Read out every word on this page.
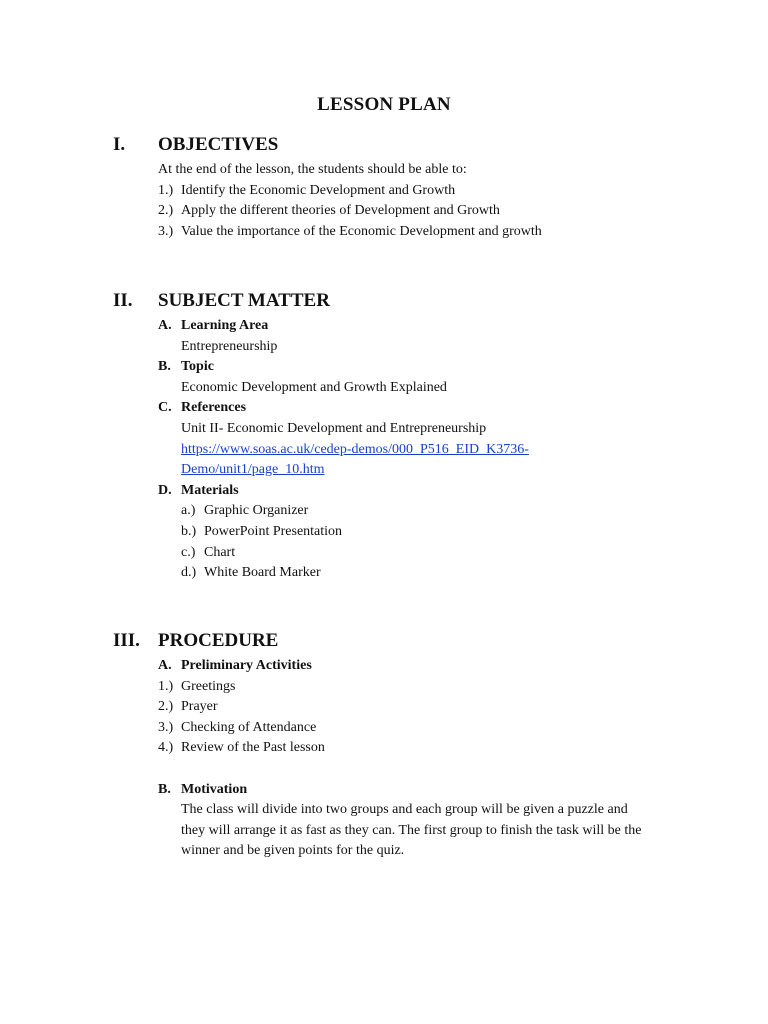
LESSON PLAN
I. OBJECTIVES
At the end of the lesson, the students should be able to:
1.) Identify the Economic Development and Growth
2.) Apply the different theories of Development and Growth
3.) Value the importance of the Economic Development and growth
II. SUBJECT MATTER
A. Learning Area
Entrepreneurship
B. Topic
Economic Development and Growth Explained
C. References
Unit II- Economic Development and Entrepreneurship
https://www.soas.ac.uk/cedep-demos/000_P516_EID_K3736-
Demo/unit1/page_10.htm
D. Materials
a.) Graphic Organizer
b.) PowerPoint Presentation
c.) Chart
d.) White Board Marker
III. PROCEDURE
A. Preliminary Activities
1.) Greetings
2.) Prayer
3.) Checking of Attendance
4.) Review of the Past lesson
B. Motivation
The class will divide into two groups and each group will be given a puzzle and
they will arrange it as fast as they can. The first group to finish the task will be the
winner and be given points for the quiz.
